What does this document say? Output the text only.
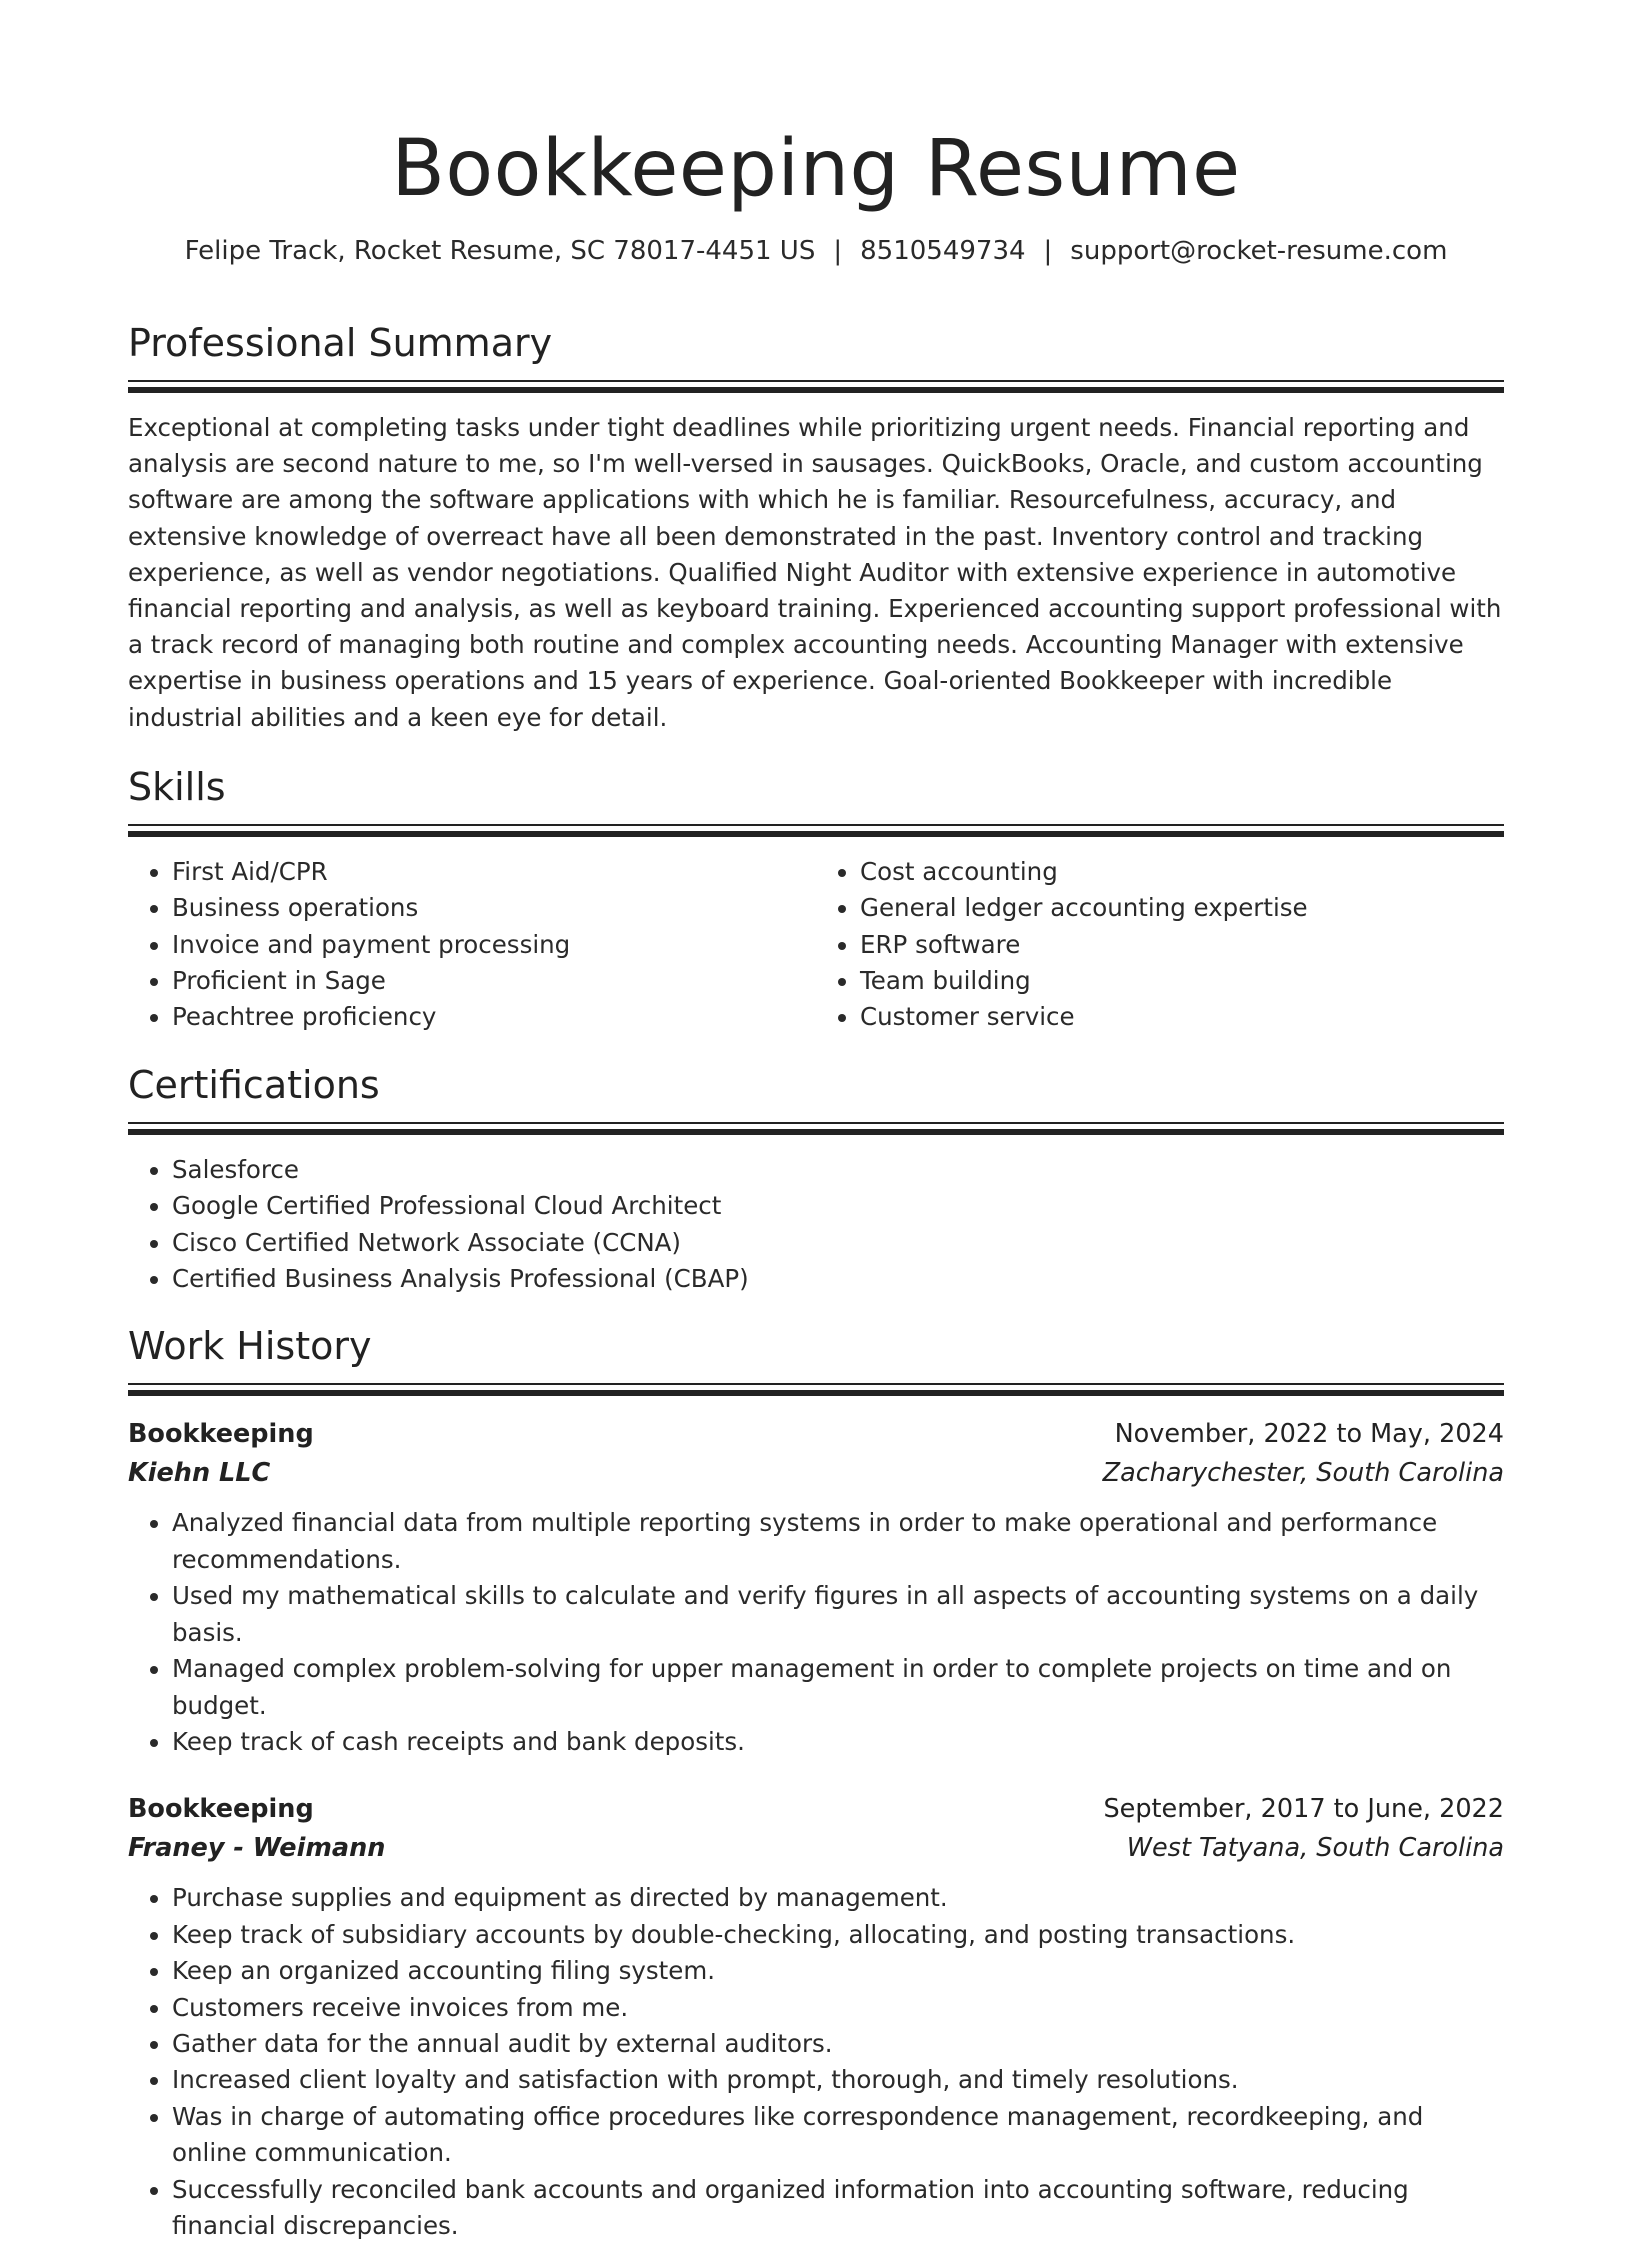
Bookkeeping Resume
Felipe Track, Rocket Resume, SC 78017-4451 US | 8510549734 | support@rocket-resume.com
Professional Summary

Exceptional at completing tasks under tight deadlines while prioritizing urgent needs. Financial reporting and analysis are second nature to me, so I'm well-versed in sausages. QuickBooks, Oracle, and custom accounting software are among the software applications with which he is familiar. Resourcefulness, accuracy, and extensive knowledge of overreact have all been demonstrated in the past. Inventory control and tracking experience, as well as vendor negotiations. Qualified Night Auditor with extensive experience in automotive financial reporting and analysis, as well as keyboard training. Experienced accounting support professional with a track record of managing both routine and complex accounting needs. Accounting Manager with extensive expertise in business operations and 15 years of experience. Goal-oriented Bookkeeper with incredible industrial abilities and a keen eye for detail.

Skills
• First Aid/CPR
• Business operations
• Invoice and payment processing
• Proficient in Sage
• Peachtree proficiency
• Cost accounting
• General ledger accounting expertise
• ERP software
• Team building
• Customer service
Certifications
• Salesforce
• Google Certified Professional Cloud Architect
• Cisco Certified Network Associate (CCNA)
• Certified Business Analysis Professional (CBAP)
Work History
Bookkeeping	November, 2022 to May, 2024
Kiehn LLC	Zacharychester, South Carolina
• Analyzed financial data from multiple reporting systems in order to make operational and performance recommendations.
• Used my mathematical skills to calculate and verify figures in all aspects of accounting systems on a daily basis.
• Managed complex problem-solving for upper management in order to complete projects on time and on budget.
• Keep track of cash receipts and bank deposits.
Bookkeeping	September, 2017 to June, 2022
Franey - Weimann	West Tatyana, South Carolina
• Purchase supplies and equipment as directed by management.
• Keep track of subsidiary accounts by double-checking, allocating, and posting transactions.
• Keep an organized accounting filing system.
• Customers receive invoices from me.
• Gather data for the annual audit by external auditors.
• Increased client loyalty and satisfaction with prompt, thorough, and timely resolutions.
• Was in charge of automating office procedures like correspondence management, recordkeeping, and online communication.
• Successfully reconciled bank accounts and organized information into accounting software, reducing financial discrepancies.
